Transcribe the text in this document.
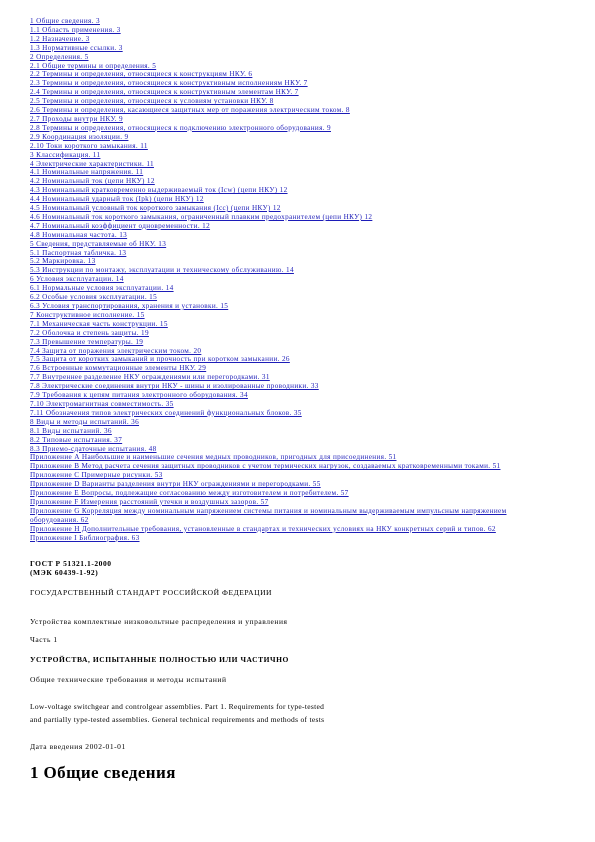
1 Общие сведения. 3
1.1 Область применения. 3
1.2 Назначение. 3
1.3 Нормативные ссылки. 3
2 Определения. 5
2.1 Общие термины и определения. 5
2.2 Термины и определения, относящиеся к конструкциям НКУ. 6
2.3 Термины и определения, относящиеся к конструктивным исполнениям НКУ. 7
2.4 Термины и определения, относящиеся к конструктивным элементам НКУ. 7
2.5 Термины и определения, относящиеся к условиям установки НКУ. 8
2.6 Термины и определения, касающиеся защитных мер от поражения электрическим током. 8
2.7 Проходы внутри НКУ. 9
2.8 Термины и определения, относящиеся к подключению электронного оборудования. 9
2.9 Координация изоляции. 9
2.10 Токи короткого замыкания. 11
3 Классификация. 11
4 Электрические характеристики. 11
4.1 Номинальные напряжения. 11
4.2 Номинальный ток (цепи НКУ) 12
4.3 Номинальный кратковременно выдерживаемый ток (Icw) (цепи НКУ) 12
4.4 Номинальный ударный ток (Ipk) (цепи НКУ) 12
4.5 Номинальный условный ток короткого замыкания (Icc) (цепи НКУ) 12
4.6 Номинальный ток короткого замыкания, ограниченный плавким предохранителем (цепи НКУ) 12
4.7 Номинальный коэффициент одновременности. 12
4.8 Номинальная частота. 13
5 Сведения, представляемые об НКУ. 13
5.1 Паспортная табличка. 13
5.2 Маркировка. 13
5.3 Инструкции по монтажу, эксплуатации и техническому обслуживанию. 14
6 Условия эксплуатации. 14
6.1 Нормальные условия эксплуатации. 14
6.2 Особые условия эксплуатации. 15
6.3 Условия транспортирования, хранения и установки. 15
7 Конструктивное исполнение. 15
7.1 Механическая часть конструкции. 15
7.2 Оболочка и степень защиты. 19
7.3 Превышение температуры. 19
7.4 Защита от поражения электрическим током. 20
7.5 Защита от коротких замыканий и прочность при коротком замыкании. 26
7.6 Встроенные коммутационные элементы НКУ. 29
7.7 Внутреннее разделение НКУ ограждениями или перегородками. 31
7.8 Электрические соединения внутри НКУ - шины и изолированные проводники. 33
7.9 Требования к цепям питания электронного оборудования. 34
7.10 Электромагнитная совместимость. 35
7.11 Обозначения типов электрических соединений функциональных блоков. 35
8 Виды и методы испытаний. 36
8.1 Виды испытаний. 36
8.2 Типовые испытания. 37
8.3 Приемо-сдаточные испытания. 48
Приложение А Наибольшие и наименьшие сечения медных проводников, пригодных для присоединения. 51
Приложение В Метод расчета сечения защитных проводников с учетом термических нагрузок, создаваемых кратковременными токами. 51
Приложение С Примерные рисунки. 53
Приложение D Варианты разделения внутри НКУ ограждениями и перегородками. 55
Приложение Е Вопросы, подлежащие согласованию между изготовителем и потребителем. 57
Приложение F Измерения расстояний утечки и воздушных зазоров. 57
Приложение G Корреляция между номинальным напряжением системы питания и номинальным выдерживаемым импульсным напряжением оборудования. 62
Приложение Н Дополнительные требования, установленные в стандартах и технических условиях на НКУ конкретных серий и типов. 62
Приложение I Библиография. 63
ГОСТ Р 51321.1-2000
(МЭК 60439-1-92)
ГОСУДАРСТВЕННЫЙ СТАНДАРТ РОССИЙСКОЙ ФЕДЕРАЦИИ
Устройства комплектные низковольтные распределения и управления
Часть 1
УСТРОЙСТВА, ИСПЫТАННЫЕ ПОЛНОСТЬЮ ИЛИ ЧАСТИЧНО
Общие технические требования и методы испытаний
Low-voltage switchgear and controlgear assemblies. Part 1. Requirements for type-tested
and partially type-tested assemblies. General technical requirements and methods of tests
Дата введения 2002-01-01
1 Общие сведения
